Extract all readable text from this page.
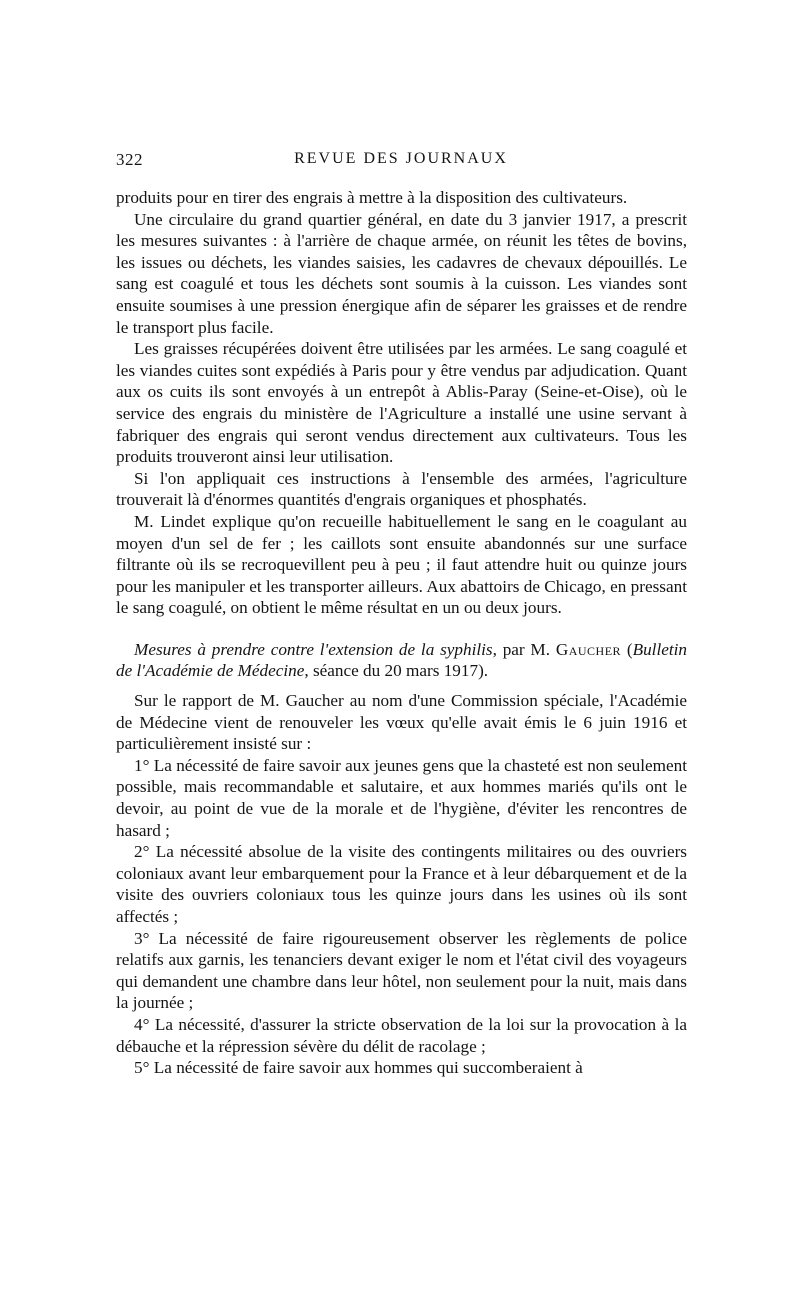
322	REVUE DES JOURNAUX

produits pour en tirer des engrais à mettre à la disposition des cultivateurs.

Une circulaire du grand quartier général, en date du 3 janvier 1917, a prescrit les mesures suivantes : à l'arrière de chaque armée, on réunit les têtes de bovins, les issues ou déchets, les viandes saisies, les cadavres de chevaux dépouillés. Le sang est coagulé et tous les déchets sont soumis à la cuisson. Les viandes sont ensuite soumises à une pression énergique afin de séparer les graisses et de rendre le transport plus facile.

Les graisses récupérées doivent être utilisées par les armées. Le sang coagulé et les viandes cuites sont expédiés à Paris pour y être vendus par adjudication. Quant aux os cuits ils sont envoyés à un entrepôt à Ablis-Paray (Seine-et-Oise), où le service des engrais du ministère de l'Agriculture a installé une usine servant à fabriquer des engrais qui seront vendus directement aux cultivateurs. Tous les produits trouveront ainsi leur utilisation.

Si l'on appliquait ces instructions à l'ensemble des armées, l'agriculture trouverait là d'énormes quantités d'engrais organiques et phosphatés.

M. Lindet explique qu'on recueille habituellement le sang en le coagulant au moyen d'un sel de fer ; les caillots sont ensuite abandonnés sur une surface filtrante où ils se recroquevillent peu à peu ; il faut attendre huit ou quinze jours pour les manipuler et les transporter ailleurs. Aux abattoirs de Chicago, en pressant le sang coagulé, on obtient le même résultat en un ou deux jours.

Mesures à prendre contre l'extension de la syphilis, par M. Gaucher (Bulletin de l'Académie de Médecine, séance du 20 mars 1917).

Sur le rapport de M. Gaucher au nom d'une Commission spéciale, l'Académie de Médecine vient de renouveler les vœux qu'elle avait émis le 6 juin 1916 et particulièrement insisté sur :

1° La nécessité de faire savoir aux jeunes gens que la chasteté est non seulement possible, mais recommandable et salutaire, et aux hommes mariés qu'ils ont le devoir, au point de vue de la morale et de l'hygiène, d'éviter les rencontres de hasard ;

2° La nécessité absolue de la visite des contingents militaires ou des ouvriers coloniaux avant leur embarquement pour la France et à leur débarquement et de la visite des ouvriers coloniaux tous les quinze jours dans les usines où ils sont affectés ;

3° La nécessité de faire rigoureusement observer les règlements de police relatifs aux garnis, les tenanciers devant exiger le nom et l'état civil des voyageurs qui demandent une chambre dans leur hôtel, non seulement pour la nuit, mais dans la journée ;

4° La nécessité, d'assurer la stricte observation de la loi sur la provocation à la débauche et la répression sévère du délit de racolage ;

5° La nécessité de faire savoir aux hommes qui succomberaient à
